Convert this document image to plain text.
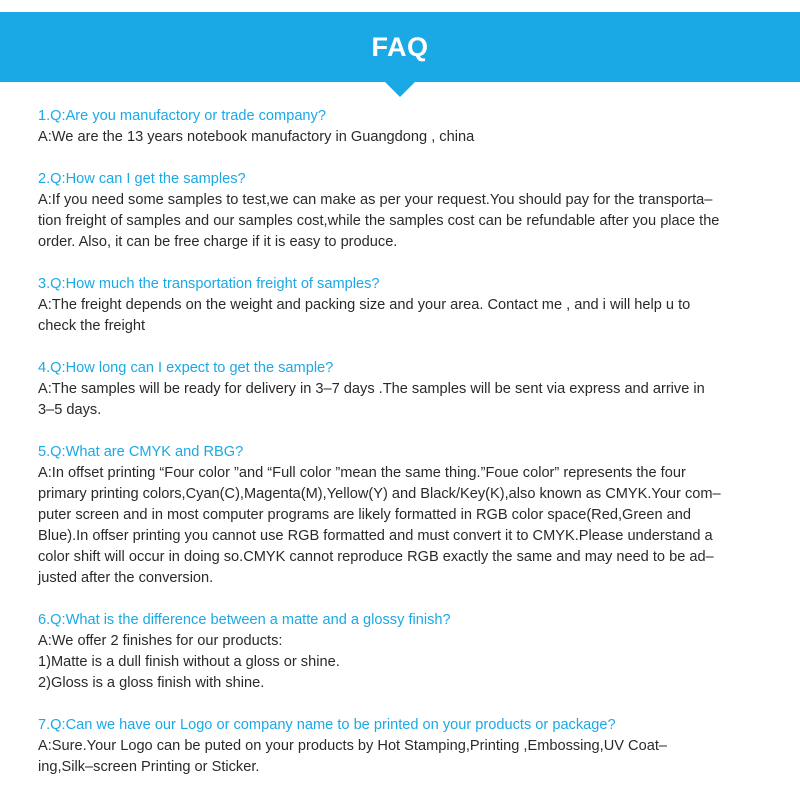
FAQ
1.Q:Are you manufactory or trade company?
A:We are the 13 years notebook manufactory in Guangdong , china
2.Q:How can I get the samples?
A:If you need some samples to test,we can make as per your request.You should pay for the transporta–
tion freight of samples and our samples cost,while the samples cost can be refundable after you place the
order. Also, it can be free charge if it is easy to produce.
3.Q:How much the transportation freight of samples?
A:The freight depends on the weight and packing size and your area. Contact me , and i will help u to
check the freight
4.Q:How long can I expect to get the sample?
A:The samples will be ready for delivery in 3–7 days .The samples will be sent via express and arrive in
3–5 days.
5.Q:What are CMYK and RBG?
A:In offset printing “Four color ”and “Full color ”mean the same thing.”Foue color” represents the four
primary printing colors,Cyan(C),Magenta(M),Yellow(Y) and Black/Key(K),also known as CMYK.Your com–
puter screen and in most computer programs are likely formatted in RGB color space(Red,Green and
Blue).In offser printing you cannot use RGB formatted and must convert it to CMYK.Please understand a
color shift will occur in doing so.CMYK cannot reproduce RGB exactly the same and may need to be ad–
justed after the conversion.
6.Q:What is the difference between a matte and a glossy finish?
A:We offer 2 finishes for our products:
1)Matte is a dull finish without a gloss or shine.
2)Gloss is a gloss finish with shine.
7.Q:Can we have our Logo or company name to be printed on your products or package?
A:Sure.Your Logo can be puted on your products by Hot Stamping,Printing ,Embossing,UV Coat–
ing,Silk–screen Printing or Sticker.
